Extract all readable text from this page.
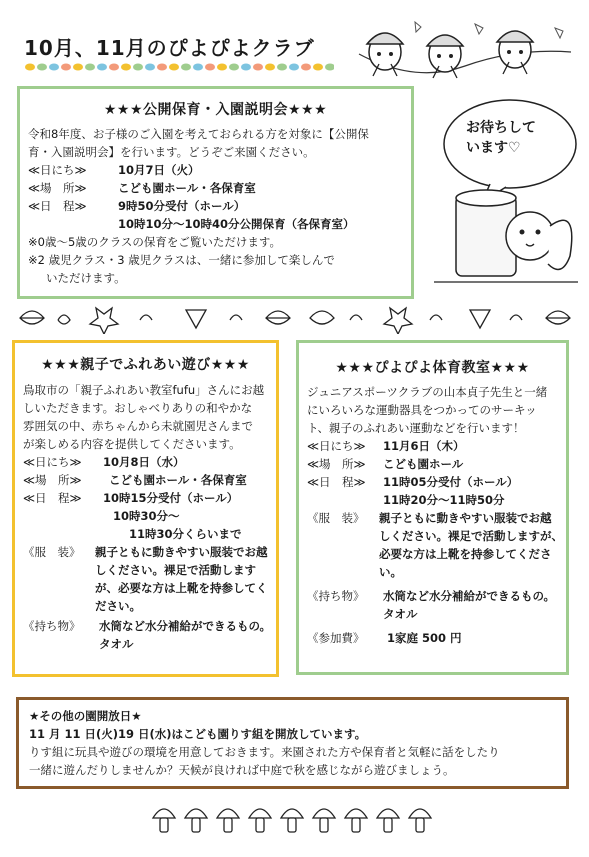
10月、11月のぴよぴよクラブ
★★★公開保育・入園説明会★★★
令和8年度、お子様のご入園を考えておられる方を対象に【公開保
育・入園説明会】を行います。どうぞご来園ください。
≪日にち≫	10月7日（火）
≪場　所≫	こども園ホール・各保育室
≪日　程≫	9時50分受付（ホール）
10時10分～10時40分公開保育（各保育室）
※0歳～5歳のクラスの保育をご覧いただけます。
※2 歳児クラス・3 歳児クラスは、一緒に参加して楽しんで
いただけます。
お待ちして
います♡
★★★親子でふれあい遊び★★★
鳥取市の「親子ふれあい教室fufu」さんにお越
しいただきます。おしゃべりありの和やかな
雰囲気の中、赤ちゃんから未就園児さんまで
が楽しめる内容を提供してくださいます。
≪日にち≫ 10月8日（水）
≪場　所≫ こども園ホール・各保育室
≪日　程≫ 10時15分受付（ホール）
10時30分～
11時30分くらいまで
《服　装》 親子ともに動きやすい服装でお越
しください。裸足で活動します
が、必要な方は上靴を持参してく
ださい。
《持ち物》 水筒など水分補給ができるもの。
タオル
★★★ぴよぴよ体育教室★★★
ジュニアスポーツクラブの山本貞子先生と一緒
にいろいろな運動器具をつかってのサーキッ
ト、親子のふれあい運動などを行います！
≪日にち≫ 11月6日（木）
≪場　所≫ こども園ホール
≪日　程≫ 11時05分受付（ホール）
11時20分～11時50分
《服　装》 親子ともに動きやすい服装でお越
しください。裸足で活動しますが、
必要な方は上靴を持参してくださ
い。
《持ち物》 水筒など水分補給ができるもの。
タオル
《参加費》 1家庭 500 円
★その他の園開放日★
11 月 11 日(火)19 日(水)はこども園りす組を開放しています。
りす組に玩具や遊びの環境を用意しておきます。来園された方や保育者と気軽に話をしたり
一緒に遊んだりしませんか？天候が良ければ中庭で秋を感じながら遊びましょう。
